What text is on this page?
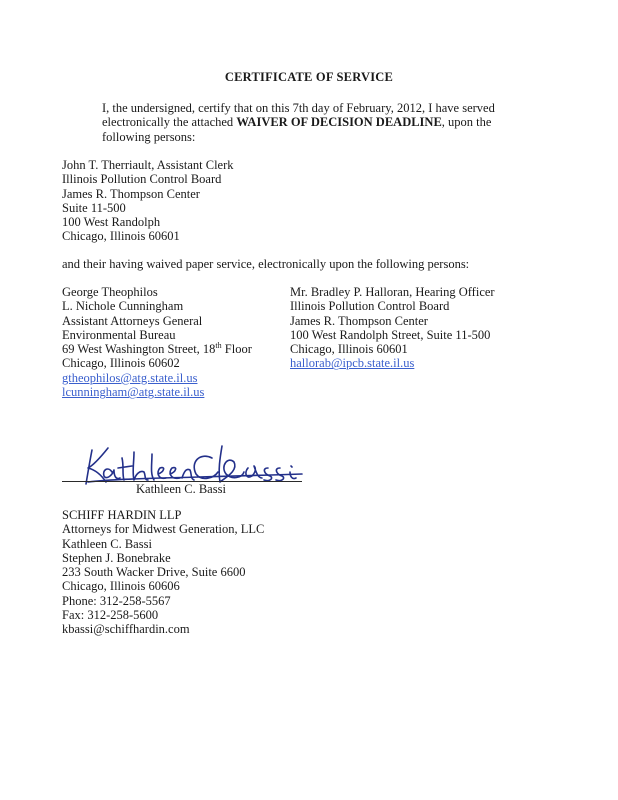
CERTIFICATE OF SERVICE
I, the undersigned, certify that on this 7th day of February, 2012, I have served electronically the attached WAIVER OF DECISION DEADLINE, upon the following persons:
John T. Therriault, Assistant Clerk
Illinois Pollution Control Board
James R. Thompson Center
Suite 11-500
100 West Randolph
Chicago, Illinois 60601
and their having waived paper service, electronically upon the following persons:
George Theophilos
L. Nichole Cunningham
Assistant Attorneys General
Environmental Bureau
69 West Washington Street, 18th Floor
Chicago, Illinois 60602
gtheophilos@atg.state.il.us
lcunningham@atg.state.il.us
Mr. Bradley P. Halloran, Hearing Officer
Illinois Pollution Control Board
James R. Thompson Center
100 West Randolph Street, Suite 11-500
Chicago, Illinois 60601
hallorab@ipcb.state.il.us
Kathleen C. Bassi
SCHIFF HARDIN LLP
Attorneys for Midwest Generation, LLC
Kathleen C. Bassi
Stephen J. Bonebrake
233 South Wacker Drive, Suite 6600
Chicago, Illinois 60606
Phone: 312-258-5567
Fax: 312-258-5600
kbassi@schiffhardin.com
